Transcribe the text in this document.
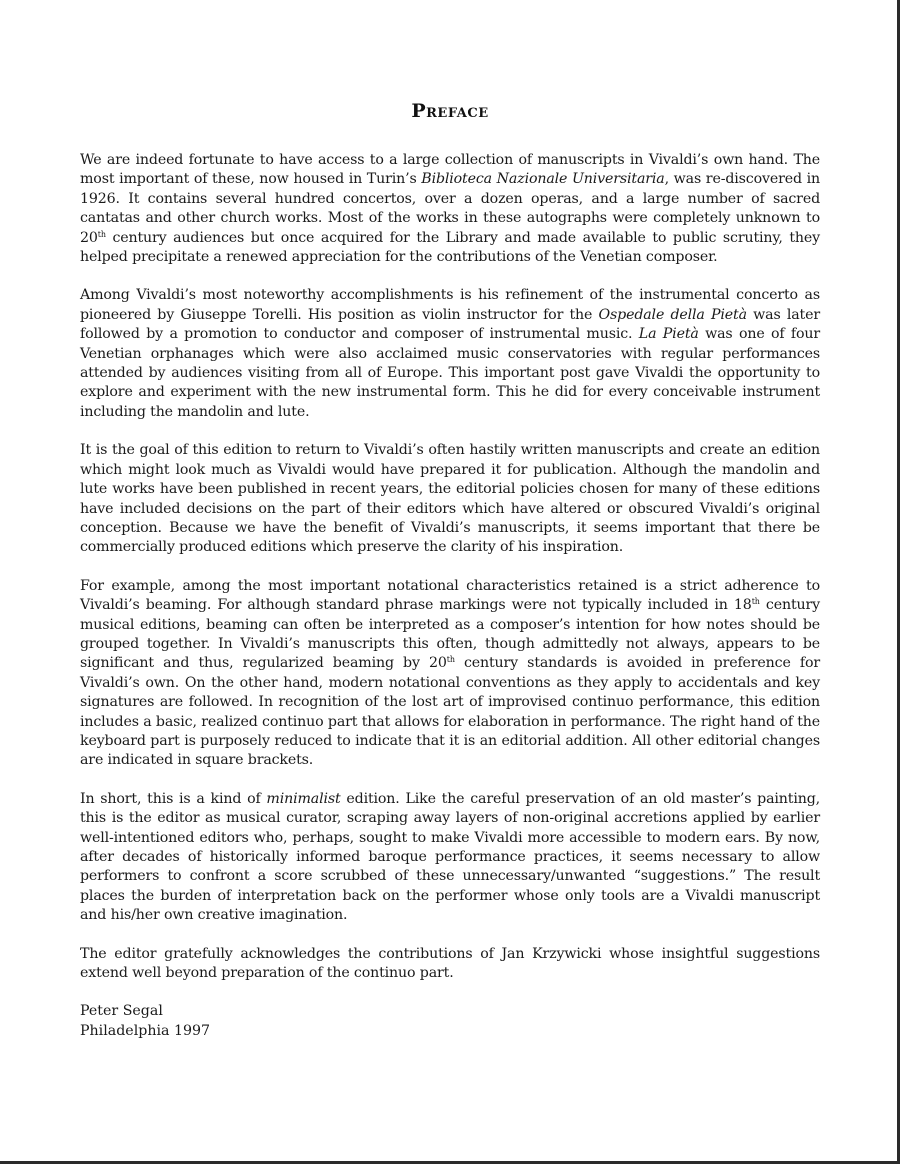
Preface

We are indeed fortunate to have access to a large collection of manuscripts in Vivaldi’s own hand. The most important of these, now housed in Turin’s Biblioteca Nazionale Universitaria, was re-discovered in 1926. It contains several hundred concertos, over a dozen operas, and a large number of sacred cantatas and other church works. Most of the works in these autographs were completely unknown to 20th century audiences but once acquired for the Library and made available to public scrutiny, they helped precipitate a renewed appreciation for the contributions of the Venetian composer.

Among Vivaldi’s most noteworthy accomplishments is his refinement of the instrumental concerto as pioneered by Giuseppe Torelli. His position as violin instructor for the Ospedale della Pietà was later followed by a promotion to conductor and composer of instrumental music. La Pietà was one of four Venetian orphanages which were also acclaimed music conservatories with regular performances attended by audiences visiting from all of Europe. This important post gave Vivaldi the opportunity to explore and experiment with the new instrumental form. This he did for every conceivable instrument including the mandolin and lute.

It is the goal of this edition to return to Vivaldi’s often hastily written manuscripts and create an edition which might look much as Vivaldi would have prepared it for publication. Although the mandolin and lute works have been published in recent years, the editorial policies chosen for many of these editions have included decisions on the part of their editors which have altered or obscured Vivaldi’s original conception. Because we have the benefit of Vivaldi’s manuscripts, it seems important that there be commercially produced editions which preserve the clarity of his inspiration.

For example, among the most important notational characteristics retained is a strict adherence to Vivaldi’s beaming. For although standard phrase markings were not typically included in 18th century musical editions, beaming can often be interpreted as a composer’s intention for how notes should be grouped together. In Vivaldi’s manuscripts this often, though admittedly not always, appears to be significant and thus, regularized beaming by 20th century standards is avoided in preference for Vivaldi’s own. On the other hand, modern notational conventions as they apply to accidentals and key signatures are followed. In recognition of the lost art of improvised continuo performance, this edition includes a basic, realized continuo part that allows for elaboration in performance. The right hand of the keyboard part is purposely reduced to indicate that it is an editorial addition. All other editorial changes are indicated in square brackets.

In short, this is a kind of minimalist edition. Like the careful preservation of an old master’s painting, this is the editor as musical curator, scraping away layers of non-original accretions applied by earlier well-intentioned editors who, perhaps, sought to make Vivaldi more accessible to modern ears. By now, after decades of historically informed baroque performance practices, it seems necessary to allow performers to confront a score scrubbed of these unnecessary/unwanted “suggestions.” The result places the burden of interpretation back on the performer whose only tools are a Vivaldi manuscript and his/her own creative imagination.

The editor gratefully acknowledges the contributions of Jan Krzywicki whose insightful suggestions extend well beyond preparation of the continuo part.

Peter Segal
Philadelphia 1997
